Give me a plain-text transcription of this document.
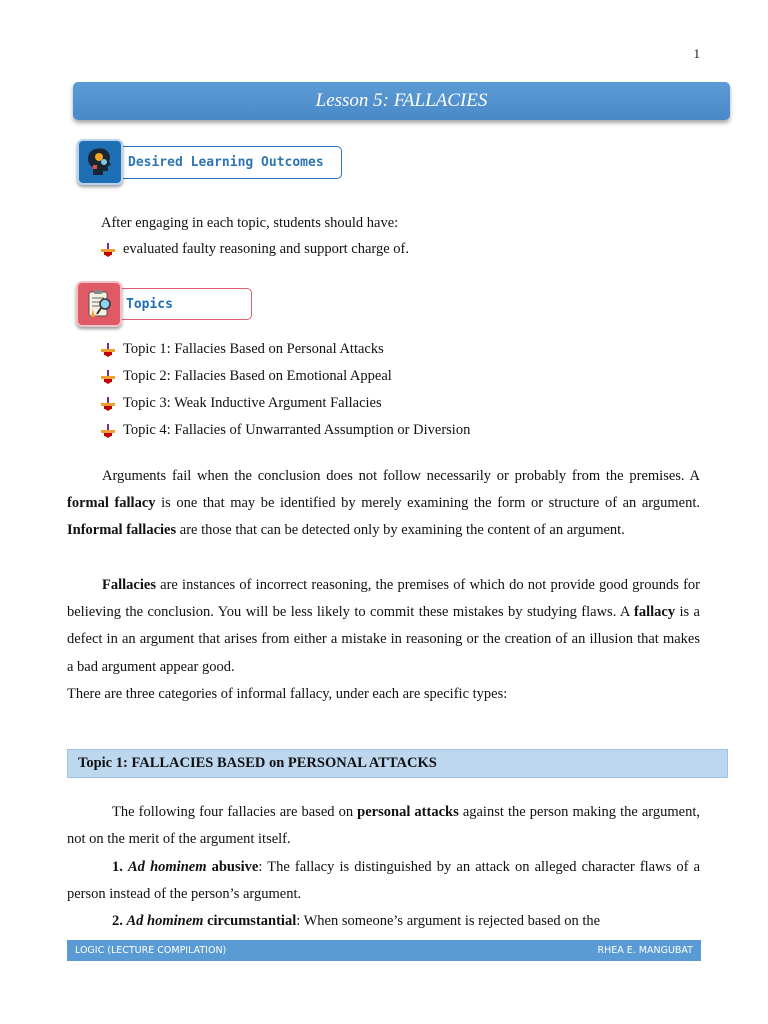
1
Lesson 5: FALLACIES
Desired Learning Outcomes
After engaging in each topic, students should have:
evaluated faulty reasoning and support charge of.
Topics
Topic 1: Fallacies Based on Personal Attacks
Topic 2: Fallacies Based on Emotional Appeal
Topic 3: Weak Inductive Argument Fallacies
Topic 4: Fallacies of Unwarranted Assumption or Diversion

Arguments fail when the conclusion does not follow necessarily or probably from the premises. A formal fallacy is one that may be identified by merely examining the form or structure of an argument. Informal fallacies are those that can be detected only by examining the content of an argument.

Fallacies are instances of incorrect reasoning, the premises of which do not provide good grounds for believing the conclusion. You will be less likely to commit these mistakes by studying flaws. A fallacy is a defect in an argument that arises from either a mistake in reasoning or the creation of an illusion that makes a bad argument appear good.

There are three categories of informal fallacy, under each are specific types:

Topic 1: FALLACIES BASED on PERSONAL ATTACKS

The following four fallacies are based on personal attacks against the person making the argument, not on the merit of the argument itself.

1. Ad hominem abusive: The fallacy is distinguished by an attack on alleged character flaws of a person instead of the person’s argument.

2. Ad hominem circumstantial: When someone’s argument is rejected based on the

LOGIC (LECTURE COMPILATION)	RHEA E. MANGUBAT
